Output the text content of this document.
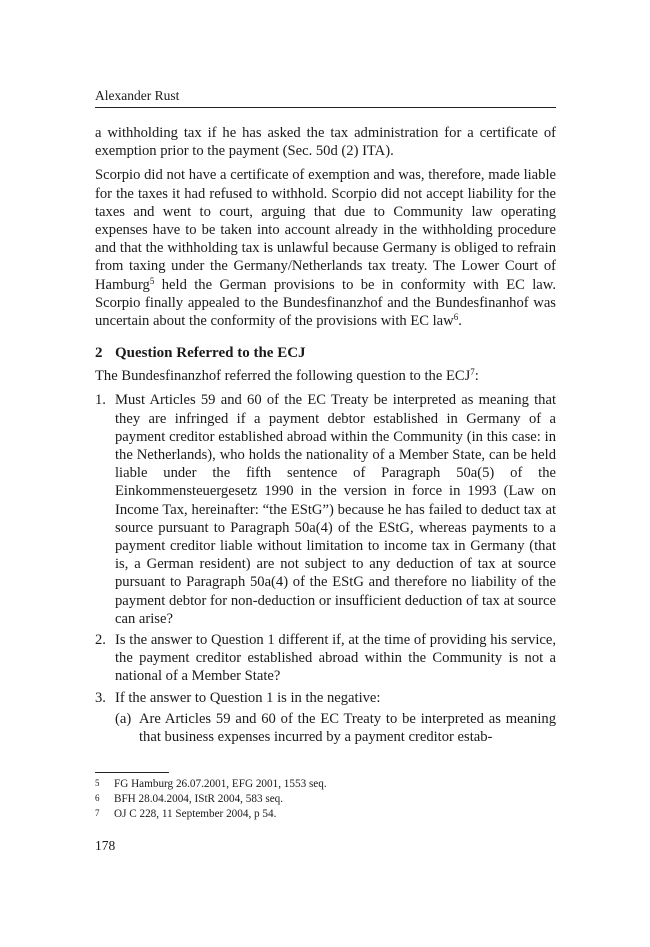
Alexander Rust

a withholding tax if he has asked the tax administration for a certificate of exemption prior to the payment (Sec. 50d (2) ITA).

Scorpio did not have a certificate of exemption and was, therefore, made liable for the taxes it had refused to withhold. Scorpio did not accept liability for the taxes and went to court, arguing that due to Community law operating expenses have to be taken into account already in the withholding procedure and that the withholding tax is unlawful because Germany is obliged to refrain from taxing under the Germany/Netherlands tax treaty. The Lower Court of Hamburg$^5$ held the German provisions to be in conformity with EC law. Scorpio finally appealed to the Bundesfinanzhof and the Bundesfinanhof was uncertain about the conformity of the provisions with EC law$^6$.

2 Question Referred to the ECJ

The Bundesfinanzhof referred the following question to the ECJ$^7$:

1. Must Articles 59 and 60 of the EC Treaty be interpreted as meaning that they are infringed if a payment debtor established in Germany of a payment creditor established abroad within the Community (in this case: in the Netherlands), who holds the nationality of a Member State, can be held liable under the fifth sentence of Paragraph 50a(5) of the Einkommensteuergesetz 1990 in the version in force in 1993 (Law on Income Tax, hereinafter: “the EStG”) because he has failed to deduct tax at source pursuant to Paragraph 50a(4) of the EStG, whereas payments to a payment creditor liable without limitation to income tax in Germany (that is, a German resident) are not subject to any deduction of tax at source pursuant to Paragraph 50a(4) of the EStG and therefore no liability of the payment debtor for non-deduction or insufficient deduction of tax at source can arise?
2. Is the answer to Question 1 different if, at the time of providing his service, the payment creditor established abroad within the Community is not a national of a Member State?
3. If the answer to Question 1 is in the negative:
(a) Are Articles 59 and 60 of the EC Treaty to be interpreted as meaning that business expenses incurred by a payment creditor estab-
5	FG Hamburg 26.07.2001, EFG 2001, 1553 seq.
6	BFH 28.04.2004, IStR 2004, 583 seq.
7	OJ C 228, 11 September 2004, p 54.
178
